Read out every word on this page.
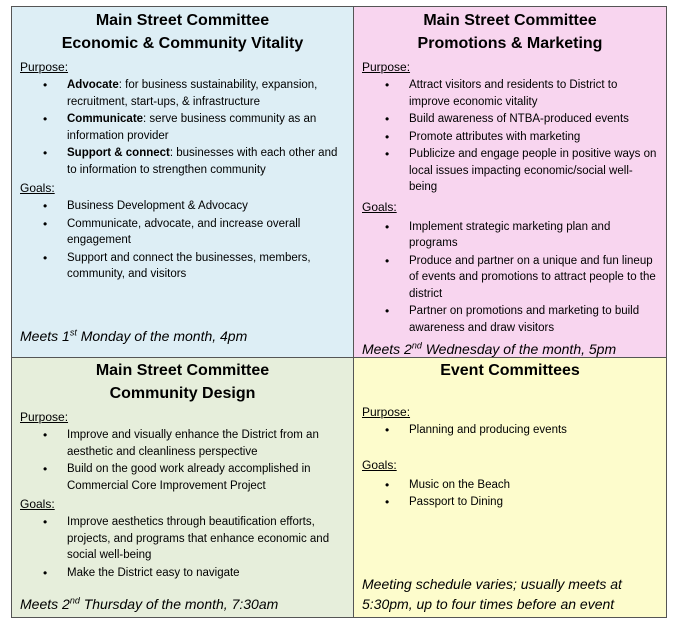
Main Street Committee
Economic & Community Vitality
Purpose:
• Advocate: for business sustainability, expansion, recruitment, start-ups, & infrastructure
• Communicate: serve business community as an information provider
• Support & connect: businesses with each other and to information to strengthen community
Goals:
• Business Development & Advocacy
• Communicate, advocate, and increase overall engagement
• Support and connect the businesses, members, community, and visitors
Meets 1st Monday of the month, 4pm
Main Street Committee
Promotions & Marketing
Purpose:
• Attract visitors and residents to District to improve economic vitality
• Build awareness of NTBA-produced events
• Promote attributes with marketing
• Publicize and engage people in positive ways on local issues impacting economic/social well-being
Goals:
• Implement strategic marketing plan and programs
• Produce and partner on a unique and fun lineup of events and promotions to attract people to the district
• Partner on promotions and marketing to build awareness and draw visitors
Meets 2nd Wednesday of the month, 5pm
Main Street Committee
Community Design
Purpose:
• Improve and visually enhance the District from an aesthetic and cleanliness perspective
• Build on the good work already accomplished in Commercial Core Improvement Project
Goals:
• Improve aesthetics through beautification efforts, projects, and programs that enhance economic and social well-being
• Make the District easy to navigate
Meets 2nd Thursday of the month, 7:30am
Event Committees
Purpose:
• Planning and producing events
Goals:
• Music on the Beach
• Passport to Dining
Meeting schedule varies; usually meets at
5:30pm, up to four times before an event
